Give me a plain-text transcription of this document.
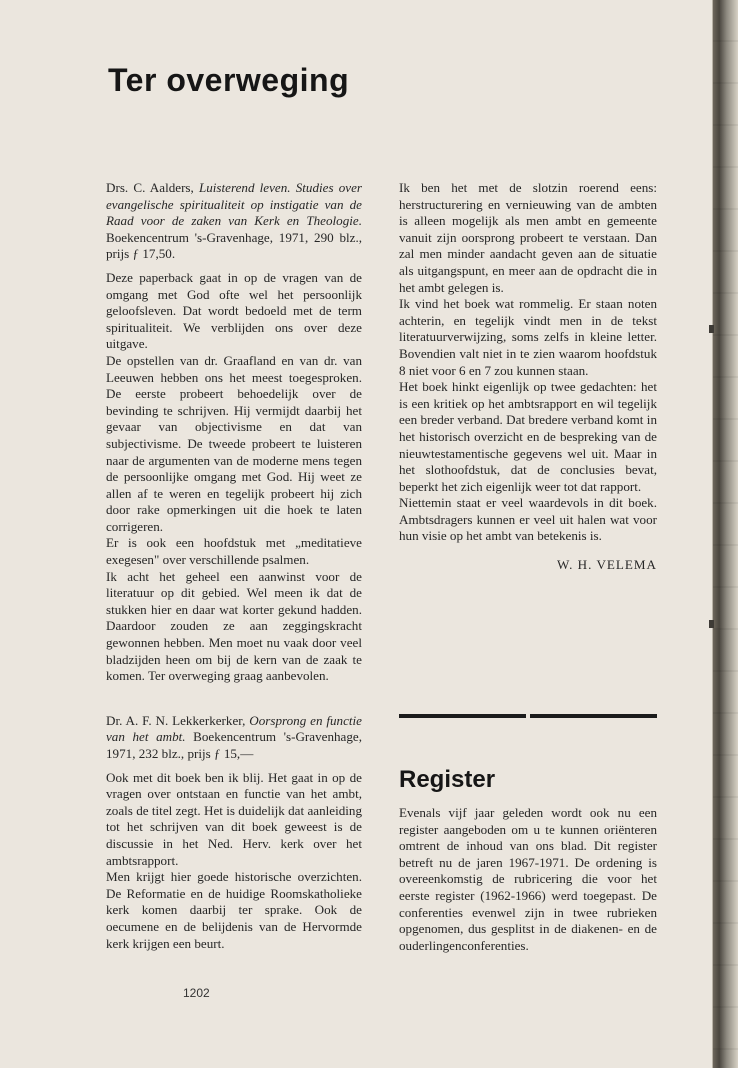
Ter overweging

Drs. C. Aalders, Luisterend leven. Studies over evangelische spiritualiteit op instigatie van de Raad voor de zaken van Kerk en Theologie. Boekencentrum 's-Gravenhage, 1971, 290 blz., prijs ƒ 17,50.

Deze paperback gaat in op de vragen van de omgang met God ofte wel het persoonlijk geloofsleven. Dat wordt bedoeld met de term spiritualiteit. We verblijden ons over deze uitgave.

De opstellen van dr. Graafland en van dr. van Leeuwen hebben ons het meest toegesproken. De eerste probeert behoedelijk over de bevinding te schrijven. Hij vermijdt daarbij het gevaar van objectivisme en dat van subjectivisme. De tweede probeert te luisteren naar de argumenten van de moderne mens tegen de persoonlijke omgang met God. Hij weet ze allen af te weren en tegelijk probeert hij zich door rake opmerkingen uit die hoek te laten corrigeren.

Er is ook een hoofdstuk met „meditatieve exegesen" over verschillende psalmen.

Ik acht het geheel een aanwinst voor de literatuur op dit gebied. Wel meen ik dat de stukken hier en daar wat korter gekund hadden. Daardoor zouden ze aan zeggingskracht gewonnen hebben. Men moet nu vaak door veel bladzijden heen om bij de kern van de zaak te komen. Ter overweging graag aanbevolen.

Dr. A. F. N. Lekkerkerker, Oorsprong en functie van het ambt. Boekencentrum 's-Gravenhage, 1971, 232 blz., prijs ƒ 15,—

Ook met dit boek ben ik blij. Het gaat in op de vragen over ontstaan en functie van het ambt, zoals de titel zegt. Het is duidelijk dat aanleiding tot het schrijven van dit boek geweest is de discussie in het Ned. Herv. kerk over het ambtsrapport.

Men krijgt hier goede historische overzichten. De Reformatie en de huidige Roomskatholieke kerk komen daarbij ter sprake. Ook de oecumene en de belijdenis van de Hervormde kerk krijgen een beurt.

Ik ben het met de slotzin roerend eens: herstructurering en vernieuwing van de ambten is alleen mogelijk als men ambt en gemeente vanuit zijn oorsprong probeert te verstaan. Dan zal men minder aandacht geven aan de situatie als uitgangspunt, en meer aan de opdracht die in het ambt gelegen is.

Ik vind het boek wat rommelig. Er staan noten achterin, en tegelijk vindt men in de tekst literatuurverwijzing, soms zelfs in kleine letter. Bovendien valt niet in te zien waarom hoofdstuk 8 niet voor 6 en 7 zou kunnen staan.

Het boek hinkt eigenlijk op twee gedachten: het is een kritiek op het ambtsrapport en wil tegelijk een breder verband. Dat bredere verband komt in het historisch overzicht en de bespreking van de nieuwtestamentische gegevens wel uit. Maar in het slothoofdstuk, dat de conclusies bevat, beperkt het zich eigenlijk weer tot dat rapport.

Niettemin staat er veel waardevols in dit boek. Ambtsdragers kunnen er veel uit halen wat voor hun visie op het ambt van betekenis is.

W. H. VELEMA

Register

Evenals vijf jaar geleden wordt ook nu een register aangeboden om u te kunnen oriënteren omtrent de inhoud van ons blad. Dit register betreft nu de jaren 1967-1971. De ordening is overeenkomstig de rubricering die voor het eerste register (1962-1966) werd toegepast. De conferenties evenwel zijn in twee rubrieken opgenomen, dus gesplitst in de diakenen- en de ouderlingenconferenties.

1202
